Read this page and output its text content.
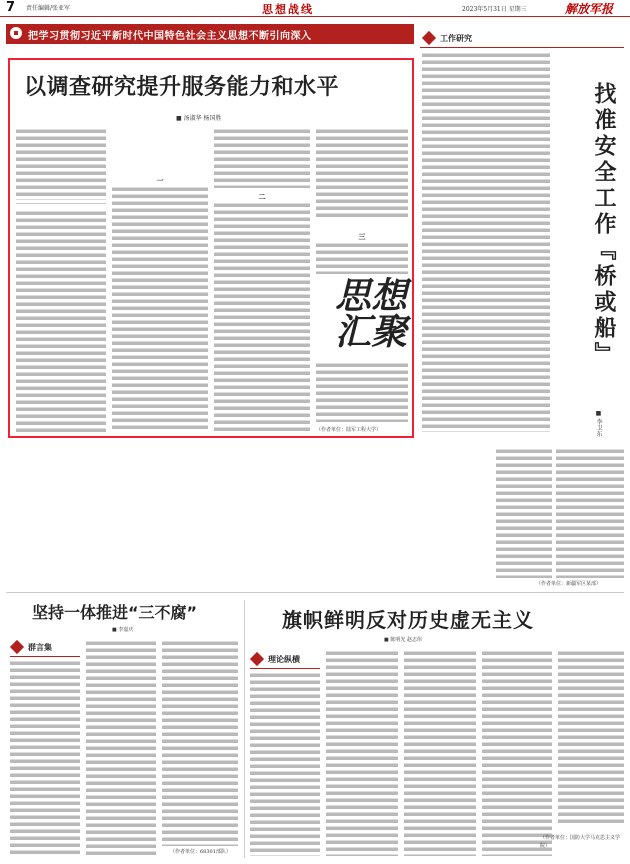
7 责任编辑/张亚军	思想战线	2023年5月31日 星期三	解放军报
把学习贯彻习近平新时代中国特色社会主义思想不断引向深入
以调查研究提升服务能力和水平
■ 汤淑华 杨国胜
一
二
三
思想 汇聚
（作者单位：陆军工程大学）
工作研究
找准安全工作『桥或船』
■ 李卫东
（作者单位：新疆军区某部）
坚持一体推进“三不腐”
■ 李嘉庆
群言集
（作者单位：68301部队）
旗帜鲜明反对历史虚无主义
■ 陈明光 赵志伟
理论纵横
（作者单位：国防大学马克思主义学院）
